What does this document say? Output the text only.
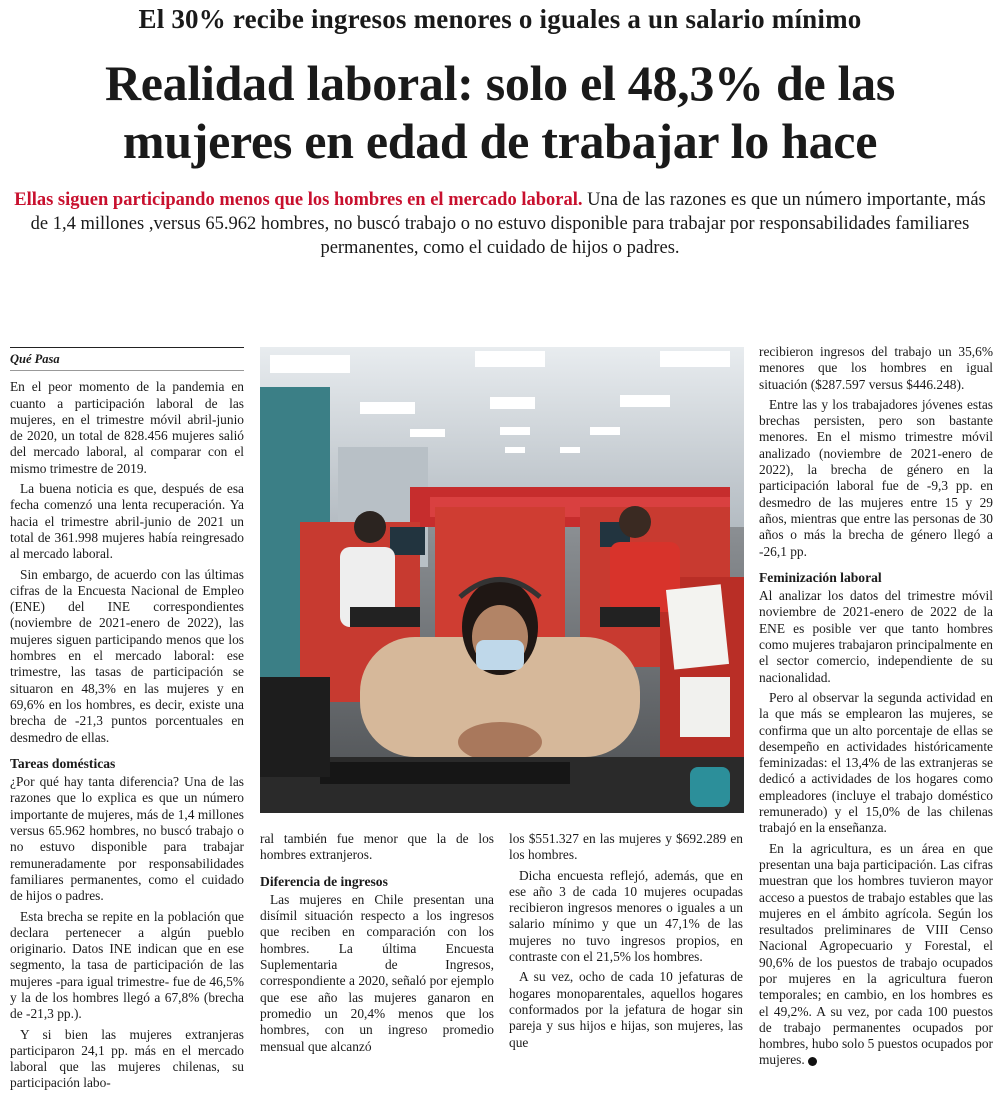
El 30% recibe ingresos menores o iguales a un salario mínimo
Realidad laboral: solo el 48,3% de las
mujeres en edad de trabajar lo hace
Ellas siguen participando menos que los hombres en el mercado laboral. Una de las razones es que un número importante, más de 1,4 millones ,versus 65.962 hombres, no buscó trabajo o no estuvo disponible para trabajar por responsabilidades familiares permanentes, como el cuidado de hijos o padres.
Qué Pasa

En el peor momento de la pandemia en cuanto a participación laboral de las mujeres, en el trimestre móvil abril-junio de 2020, un total de 828.456 mujeres salió del mercado laboral, al comparar con el mismo trimestre de 2019.

La buena noticia es que, después de esa fecha comenzó una lenta recuperación. Ya hacia el trimestre abril-junio de 2021 un total de 361.998 mujeres había reingresado al mercado laboral.

Sin embargo, de acuerdo con las últimas cifras de la Encuesta Nacional de Empleo (ENE) del INE correspondientes (noviembre de 2021-enero de 2022), las mujeres siguen participando menos que los hombres en el mercado laboral: ese trimestre, las tasas de participación se situaron en 48,3% en las mujeres y en 69,6% en los hombres, es decir, existe una brecha de -21,3 puntos porcentuales en desmedro de ellas.

Tareas domésticas

¿Por qué hay tanta diferencia? Una de las razones que lo explica es que un número importante de mujeres, más de 1,4 millones versus 65.962 hombres, no buscó trabajo o no estuvo disponible para trabajar remuneradamente por responsabilidades familiares permanentes, como el cuidado de hijos o padres.

Esta brecha se repite en la población que declara pertenecer a algún pueblo originario. Datos INE indican que en ese segmento, la tasa de participación de las mujeres -para igual trimestre- fue de 46,5% y la de los hombres llegó a 67,8% (brecha de -21,3 pp.).

Y si bien las mujeres extranjeras participaron 24,1 pp. más en el mercado laboral que las mujeres chilenas, su participación labo-

ral también fue menor que la de los hombres extranjeros.

Diferencia de ingresos

Las mujeres en Chile presentan una disímil situación respecto a los ingresos que reciben en comparación con los hombres. La última Encuesta Suplementaria de Ingresos, correspondiente a 2020, señaló por ejemplo que ese año las mujeres ganaron en promedio un 20,4% menos que los hombres, con un ingreso promedio mensual que alcanzó

los $551.327 en las mujeres y $692.289 en los hombres.

Dicha encuesta reflejó, además, que en ese año 3 de cada 10 mujeres ocupadas recibieron ingresos menores o iguales a un salario mínimo y que un 47,1% de las mujeres no tuvo ingresos propios, en contraste con el 21,5% los hombres.

A su vez, ocho de cada 10 jefaturas de hogares monoparentales, aquellos hogares conformados por la jefatura de hogar sin pareja y sus hijos e hijas, son mujeres, las que

recibieron ingresos del trabajo un 35,6% menores que los hombres en igual situación ($287.597 versus $446.248).

Entre las y los trabajadores jóvenes estas brechas persisten, pero son bastante menores. En el mismo trimestre móvil analizado (noviembre de 2021-enero de 2022), la brecha de género en la participación laboral fue de -9,3 pp. en desmedro de las mujeres entre 15 y 29 años, mientras que entre las personas de 30 años o más la brecha de género llegó a -26,1 pp.

Feminización laboral

Al analizar los datos del trimestre móvil noviembre de 2021-enero de 2022 de la ENE es posible ver que tanto hombres como mujeres trabajaron principalmente en el sector comercio, independiente de su nacionalidad.

Pero al observar la segunda actividad en la que más se emplearon las mujeres, se confirma que un alto porcentaje de ellas se desempeño en actividades históricamente feminizadas: el 13,4% de las extranjeras se dedicó a actividades de los hogares como empleadores (incluye el trabajo doméstico remunerado) y el 15,0% de las chilenas trabajó en la enseñanza.

En la agricultura, es un área en que presentan una baja participación. Las cifras muestran que los hombres tuvieron mayor acceso a puestos de trabajo estables que las mujeres en el ámbito agrícola. Según los resultados preliminares de VIII Censo Nacional Agropecuario y Forestal, el 90,6% de los puestos de trabajo ocupados por mujeres en la agricultura fueron temporales; en cambio, en los hombres es el 49,2%. A su vez, por cada 100 puestos de trabajo permanentes ocupados por hombres, hubo solo 5 puestos ocupados por mujeres.
